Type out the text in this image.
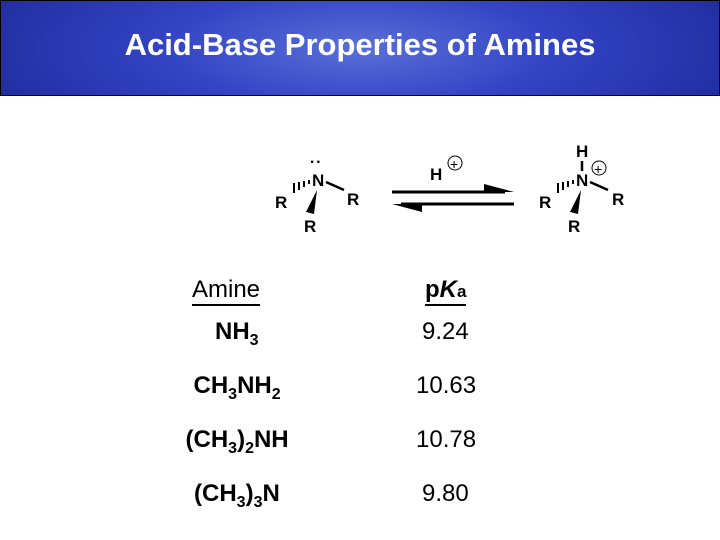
Acid-Base Properties of Amines
:
N
R
R
R
H
+
H
N
+
R
R
R
Amine	pKa
$NH_3$	9.24
$CH_3NH_2$	10.63
$(CH_3)_2NH$	10.78
$(CH_3)_3N$	9.80
